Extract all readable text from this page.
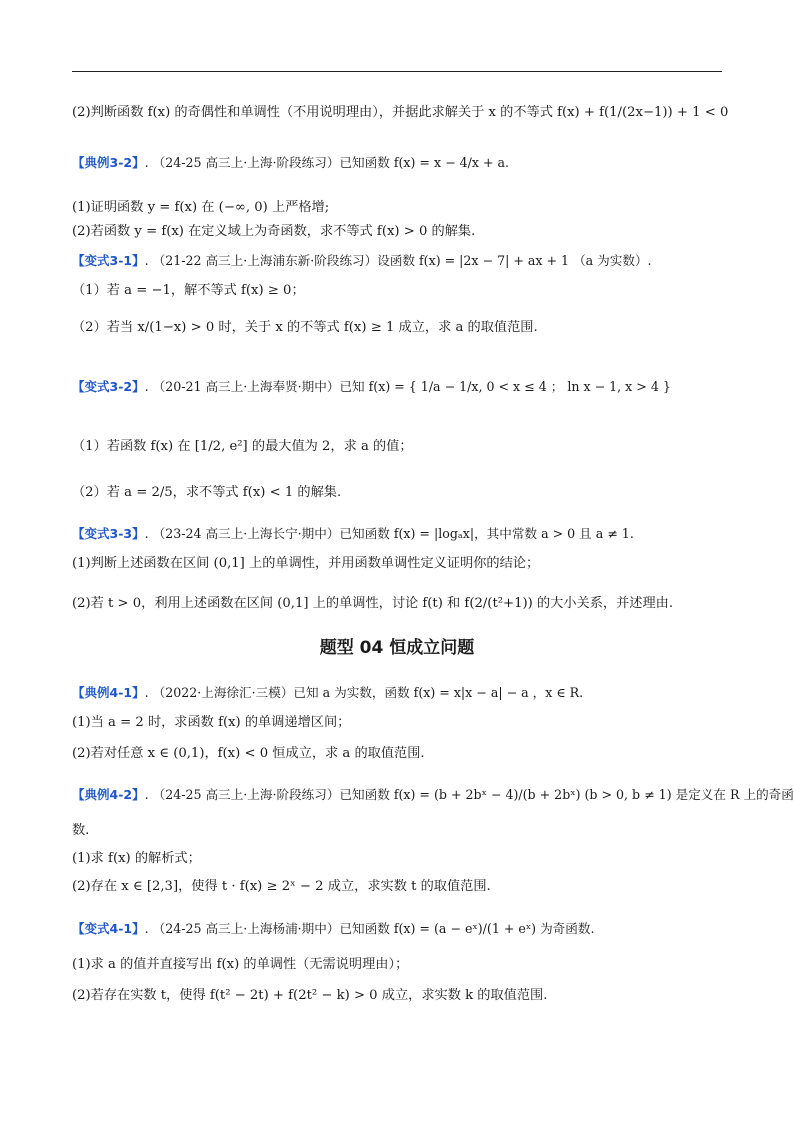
(2)判断函数 f(x) 的奇偶性和单调性（不用说明理由），并据此求解关于 x 的不等式 f(x) + f(1/(2x−1)) + 1 < 0
【典例3-2】. （24-25 高三上·上海·阶段练习）已知函数 f(x) = x − 4/x + a.
(1)证明函数 y = f(x) 在 (−∞, 0) 上严格增;
(2)若函数 y = f(x) 在定义域上为奇函数，求不等式 f(x) > 0 的解集.
【变式3-1】. （21-22 高三上·上海浦东新·阶段练习）设函数 f(x) = |2x − 7| + ax + 1 （a 为实数）.
（1）若 a = −1，解不等式 f(x) ≥ 0；
（2）若当 x/(1−x) > 0 时，关于 x 的不等式 f(x) ≥ 1 成立，求 a 的取值范围.
【变式3-2】. （20-21 高三上·上海奉贤·期中）已知 f(x) = { 1/a − 1/x, 0 < x ≤ 4 ； ln x − 1, x > 4 }
（1）若函数 f(x) 在 [1/2, e²] 的最大值为 2，求 a 的值；
（2）若 a = 2/5，求不等式 f(x) < 1 的解集.
【变式3-3】. （23-24 高三上·上海长宁·期中）已知函数 f(x) = |logₐx|，其中常数 a > 0 且 a ≠ 1.
(1)判断上述函数在区间 (0,1] 上的单调性，并用函数单调性定义证明你的结论；
(2)若 t > 0，利用上述函数在区间 (0,1] 上的单调性，讨论 f(t) 和 f(2/(t²+1)) 的大小关系，并述理由.
题型 04 恒成立问题
【典例4-1】. （2022·上海徐汇·三模）已知 a 为实数，函数 f(x) = x|x − a| − a ，x ∈ R.
(1)当 a = 2 时，求函数 f(x) 的单调递增区间；
(2)若对任意 x ∈ (0,1)，f(x) < 0 恒成立，求 a 的取值范围.
【典例4-2】. （24-25 高三上·上海·阶段练习）已知函数 f(x) = (b + 2bˣ − 4)/(b + 2bˣ) (b > 0, b ≠ 1) 是定义在 R 上的奇函
数.
(1)求 f(x) 的解析式；
(2)存在 x ∈ [2,3]，使得 t · f(x) ≥ 2ˣ − 2 成立，求实数 t 的取值范围.
【变式4-1】. （24-25 高三上·上海杨浦·期中）已知函数 f(x) = (a − eˣ)/(1 + eˣ) 为奇函数.
(1)求 a 的值并直接写出 f(x) 的单调性（无需说明理由）；
(2)若存在实数 t，使得 f(t² − 2t) + f(2t² − k) > 0 成立，求实数 k 的取值范围.
